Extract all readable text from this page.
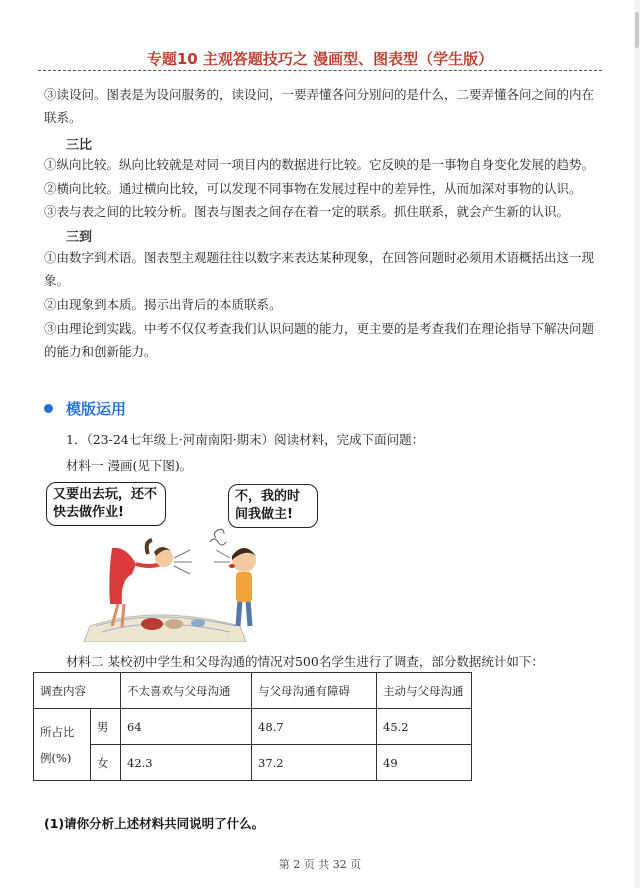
专题10 主观答题技巧之 漫画型、图表型（学生版）
③读设问。图表是为设问服务的，读设问，一要弄懂各问分别问的是什么，二要弄懂各问之间的内在
联系。
三比
①纵向比较。纵向比较就是对同一项目内的数据进行比较。它反映的是一事物自身变化发展的趋势。
②横向比较。通过横向比较，可以发现不同事物在发展过程中的差异性，从而加深对事物的认识。
③表与表之间的比较分析。图表与图表之间存在着一定的联系。抓住联系，就会产生新的认识。
三到
①由数字到术语。图表型主观题往往以数字来表达某种现象，在回答问题时必须用术语概括出这一现
象。
②由现象到本质。揭示出背后的本质联系。
③由理论到实践。中考不仅仅考查我们认识问题的能力，更主要的是考查我们在理论指导下解决问题
的能力和创新能力。
模版运用
1．（23-24七年级上·河南南阳·期末）阅读材料，完成下面问题：
材料一 漫画(见下图)。
又要出去玩，还不快去做作业!
不，我的时间我做主!
材料二 某校初中学生和父母沟通的情况对500名学生进行了调查，部分数据统计如下：
调查内容		不太喜欢与父母沟通	与父母沟通有障碍	主动与父母沟通
所占比
例(%)	男	64	48.7	45.2
	女	42.3	37.2	49
(1)请你分析上述材料共同说明了什么。
第 2 页 共 32 页
